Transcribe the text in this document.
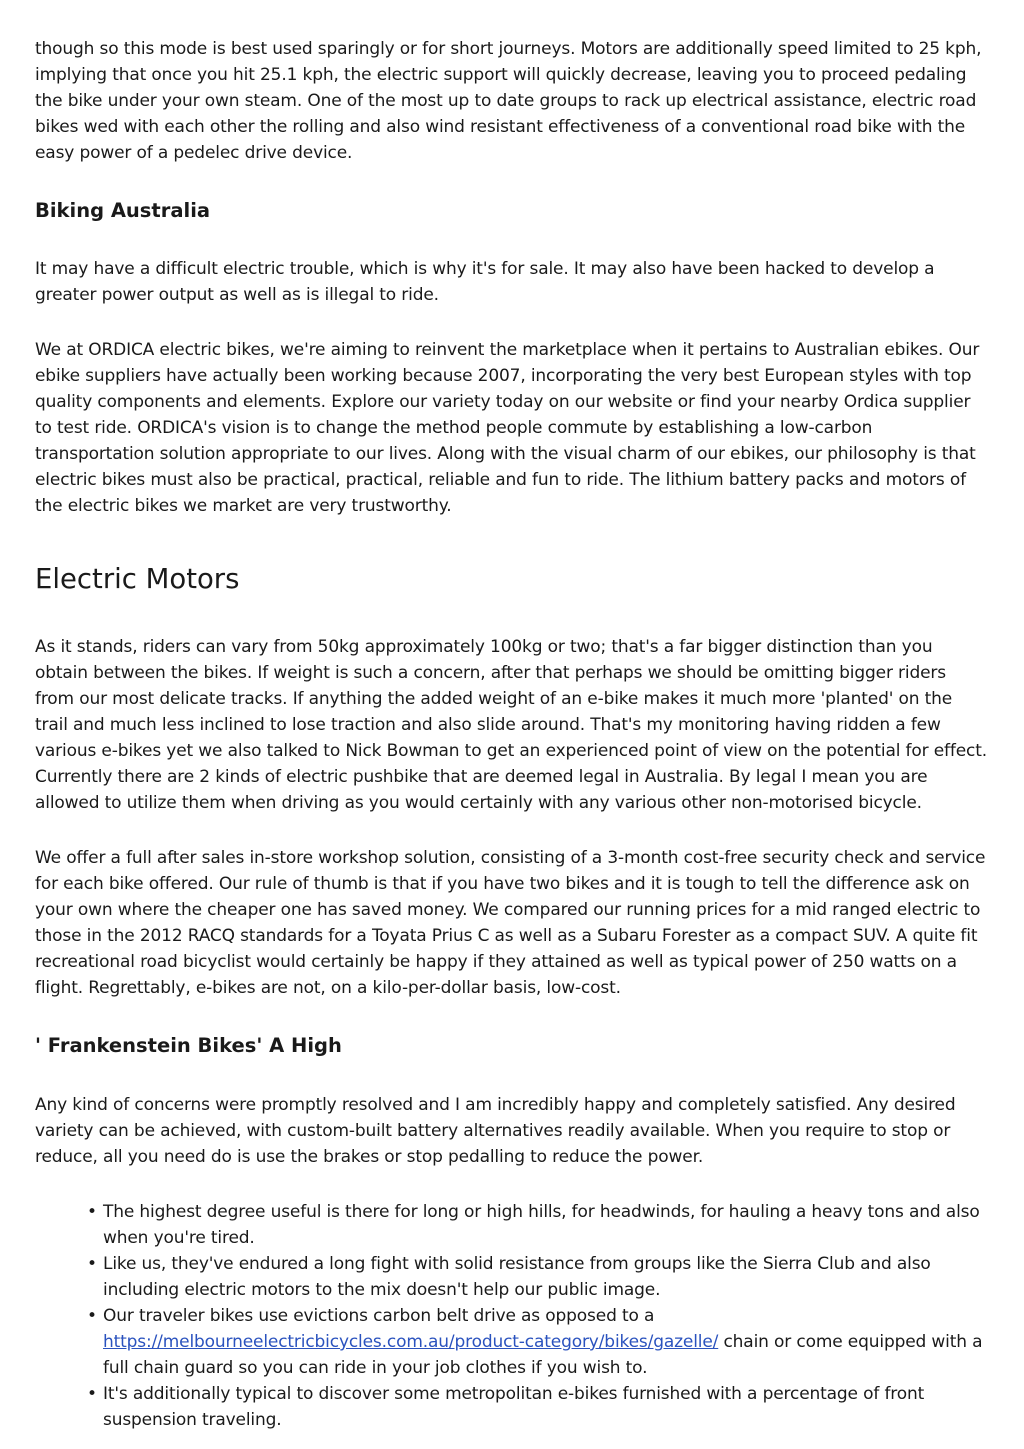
though so this mode is best used sparingly or for short journeys. Motors are additionally speed limited to 25 kph, implying that once you hit 25.1 kph, the electric support will quickly decrease, leaving you to proceed pedaling the bike under your own steam. One of the most up to date groups to rack up electrical assistance, electric road bikes wed with each other the rolling and also wind resistant effectiveness of a conventional road bike with the easy power of a pedelec drive device.

Biking Australia

It may have a difficult electric trouble, which is why it's for sale. It may also have been hacked to develop a greater power output as well as is illegal to ride.

We at ORDICA electric bikes, we're aiming to reinvent the marketplace when it pertains to Australian ebikes. Our ebike suppliers have actually been working because 2007, incorporating the very best European styles with top quality components and elements. Explore our variety today on our website or find your nearby Ordica supplier to test ride. ORDICA's vision is to change the method people commute by establishing a low-carbon transportation solution appropriate to our lives. Along with the visual charm of our ebikes, our philosophy is that electric bikes must also be practical, practical, reliable and fun to ride. The lithium battery packs and motors of the electric bikes we market are very trustworthy.

Electric Motors

As it stands, riders can vary from 50kg approximately 100kg or two; that's a far bigger distinction than you obtain between the bikes. If weight is such a concern, after that perhaps we should be omitting bigger riders from our most delicate tracks. If anything the added weight of an e-bike makes it much more 'planted' on the trail and much less inclined to lose traction and also slide around. That's my monitoring having ridden a few various e-bikes yet we also talked to Nick Bowman to get an experienced point of view on the potential for effect. Currently there are 2 kinds of electric pushbike that are deemed legal in Australia. By legal I mean you are allowed to utilize them when driving as you would certainly with any various other non-motorised bicycle.

We offer a full after sales in-store workshop solution, consisting of a 3-month cost-free security check and service for each bike offered. Our rule of thumb is that if you have two bikes and it is tough to tell the difference ask on your own where the cheaper one has saved money. We compared our running prices for a mid ranged electric to those in the 2012 RACQ standards for a Toyata Prius C as well as a Subaru Forester as a compact SUV. A quite fit recreational road bicyclist would certainly be happy if they attained as well as typical power of 250 watts on a flight. Regrettably, e-bikes are not, on a kilo-per-dollar basis, low-cost.

' Frankenstein Bikes' A High

Any kind of concerns were promptly resolved and I am incredibly happy and completely satisfied. Any desired variety can be achieved, with custom-built battery alternatives readily available. When you require to stop or reduce, all you need do is use the brakes or stop pedalling to reduce the power.

• The highest degree useful is there for long or high hills, for headwinds, for hauling a heavy tons and also when you're tired.
• Like us, they've endured a long fight with solid resistance from groups like the Sierra Club and also including electric motors to the mix doesn't help our public image.
• Our traveler bikes use evictions carbon belt drive as opposed to a https://melbourneelectricbicycles.com.au/product-category/bikes/gazelle/ chain or come equipped with a full chain guard so you can ride in your job clothes if you wish to.
• It's additionally typical to discover some metropolitan e-bikes furnished with a percentage of front suspension traveling.
